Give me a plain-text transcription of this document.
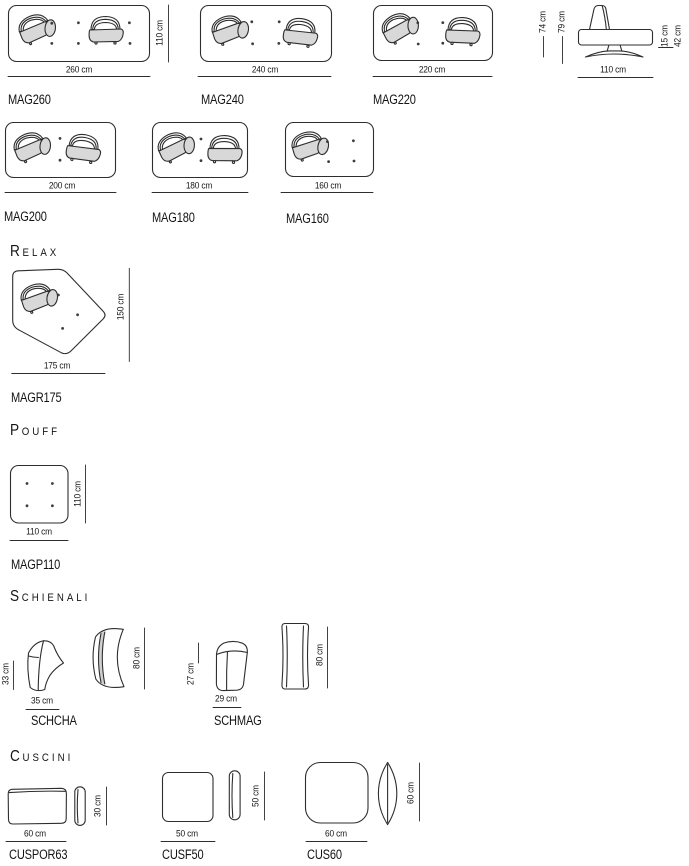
110 cm
260 cm
MAG260
240 cm
MAG240
220 cm
MAG220
74 cm 79 cm
15 cm 42 cm
110 cm
200 cm
MAG200
180 cm
MAG180
160 cm
MAG160
RELAX
150 cm
175 cm
MAGR175
POUFF
110 cm
110 cm
MAGP110
SCHIENALI
33 cm
35 cm
SCHCHA
80 cm
27 cm
29 cm
SCHMAG
80 cm
CUSCINI
30 cm
60 cm
CUSPOR63
50 cm
50 cm
CUSF50
60 cm
60 cm
CUS60
